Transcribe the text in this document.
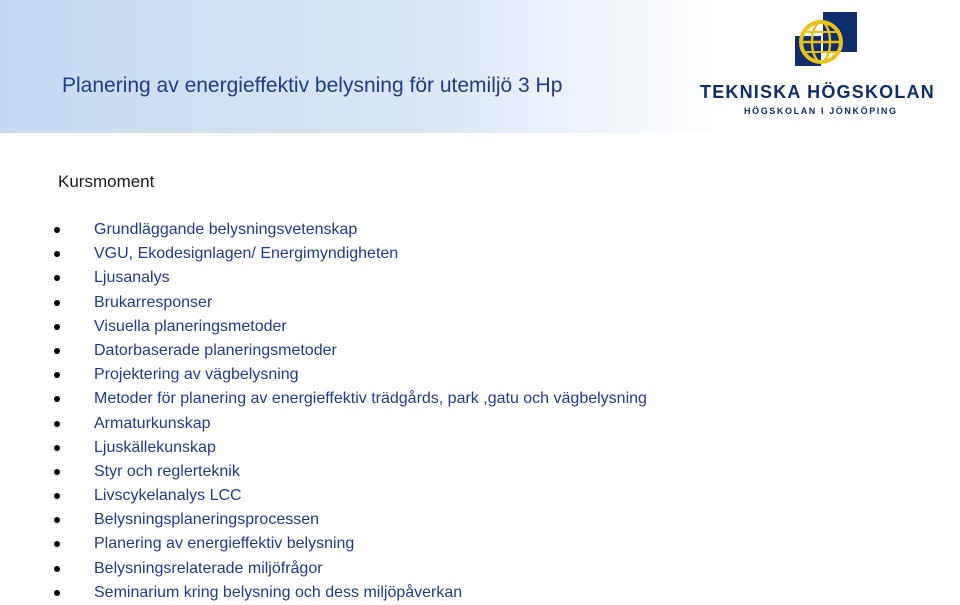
Planering av energieffektiv belysning för utemiljö 3 Hp	TEKNISKA HÖGSKOLAN
HÖGSKOLAN I JÖNKÖPING
Kursmoment
Grundläggande belysningsvetenskap
VGU, Ekodesignlagen/ Energimyndigheten
Ljusanalys
Brukarresponser
Visuella planeringsmetoder
Datorbaserade planeringsmetoder
Projektering av vägbelysning
Metoder för planering av energieffektiv trädgårds, park ,gatu och vägbelysning
Armaturkunskap
Ljuskällekunskap
Styr och reglerteknik
Livscykelanalys LCC
Belysningsplaneringsprocessen
Planering av energieffektiv belysning
Belysningsrelaterade miljöfrågor
Seminarium kring belysning och dess miljöpåverkan
